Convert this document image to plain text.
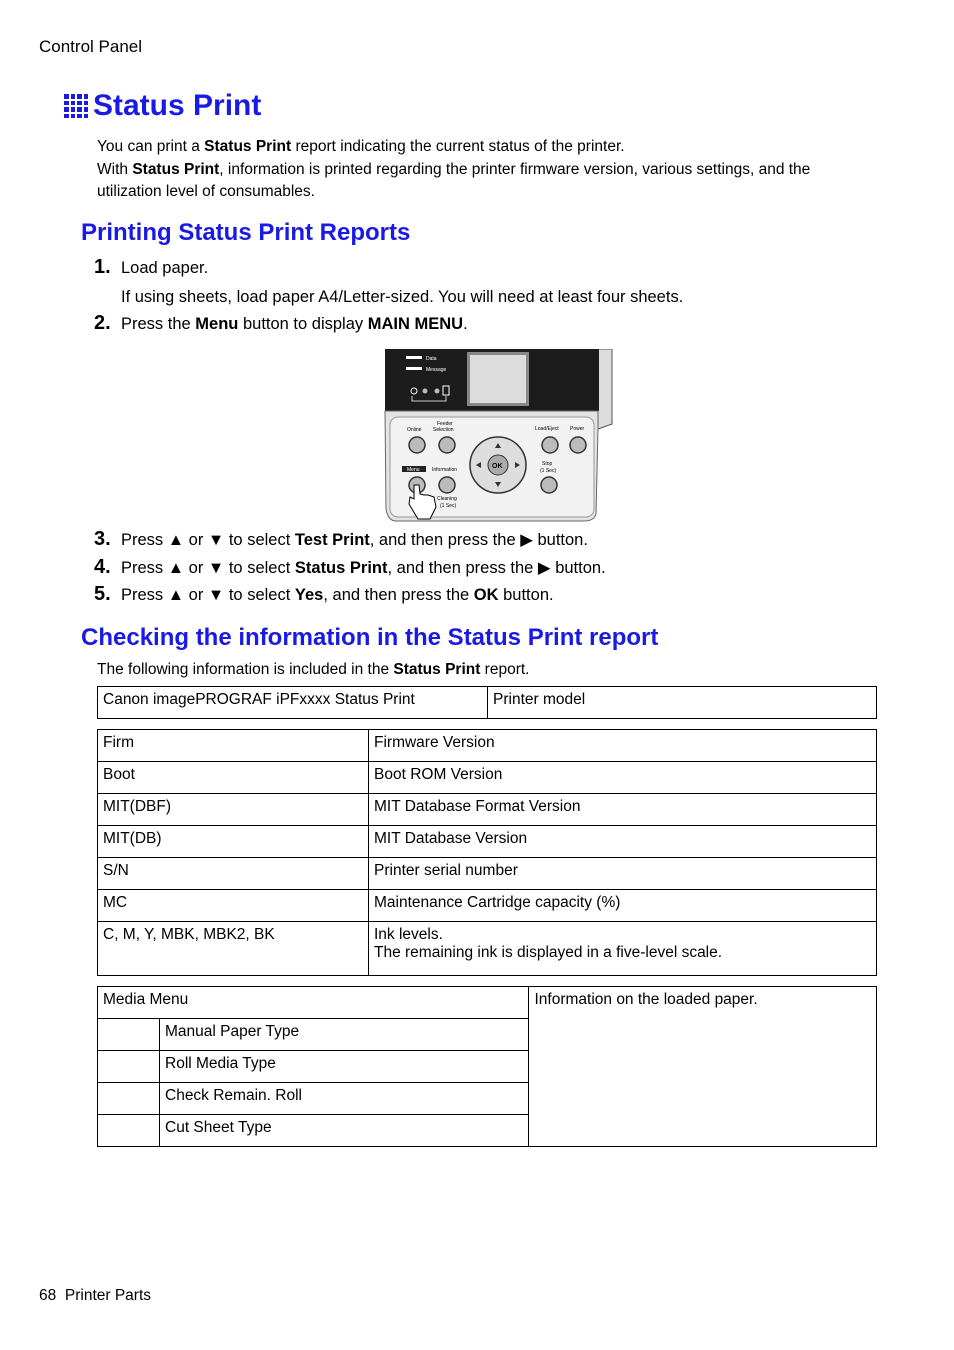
Control Panel
Status Print
You can print a Status Print report indicating the current status of the printer.
With Status Print, information is printed regarding the printer firmware version, various settings, and the
utilization level of consumables.
Printing Status Print Reports
1. Load paper.
If using sheets, load paper A4/Letter-sized. You will need at least four sheets.
2. Press the Menu button to display MAIN MENU.
Data
Message
Online
Feeder
Selection	Load/Eject Power
Menu Information	OK	Stop
(1 Sec)
Cleaning
(1 Sec)
3. Press ▲ or ▼ to select Test Print, and then press the ▶ button.
4. Press ▲ or ▼ to select Status Print, and then press the ▶ button.
5. Press ▲ or ▼ to select Yes, and then press the OK button.
Checking the information in the Status Print report
The following information is included in the Status Print report.
Canon imagePROGRAF iPFxxxx Status Print	Printer model
Firm	Firmware Version
Boot	Boot ROM Version
MIT(DBF)	MIT Database Format Version
MIT(DB)	MIT Database Version
S/N	Printer serial number
MC	Maintenance Cartridge capacity (%)
C, M, Y, MBK, MBK2, BK	Ink levels.
The remaining ink is displayed in a five-level scale.
Media Menu		Information on the loaded paper.
	Manual Paper Type	
	Roll Media Type	
	Check Remain. Roll	
	Cut Sheet Type	
68 Printer Parts
